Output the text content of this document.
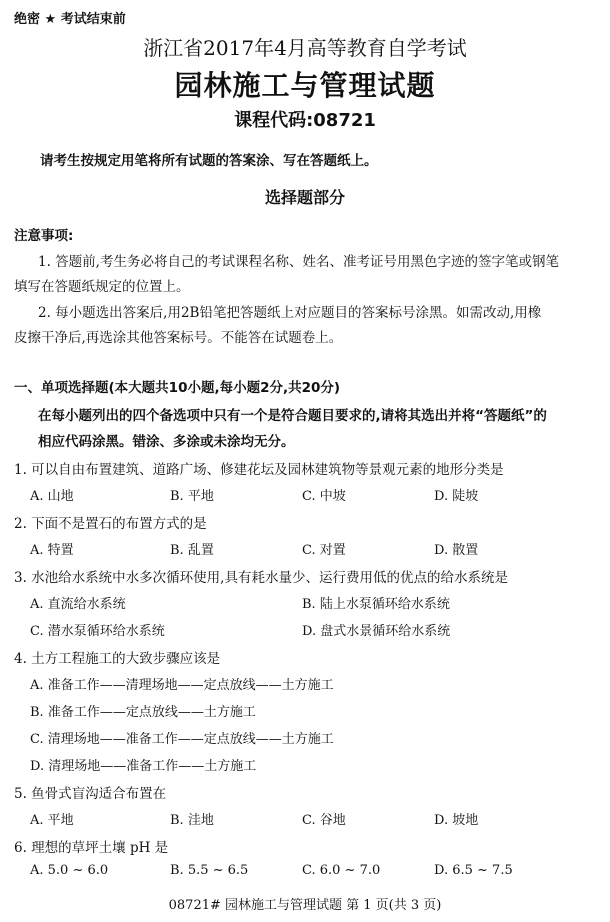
绝密 ★ 考试结束前
浙江省2017年4月高等教育自学考试
园林施工与管理试题
课程代码:08721
请考生按规定用笔将所有试题的答案涂、写在答题纸上。
选择题部分
注意事项:
1. 答题前,考生务必将自己的考试课程名称、姓名、准考证号用黑色字迹的签字笔或钢笔
填写在答题纸规定的位置上。
2. 每小题选出答案后,用2B铅笔把答题纸上对应题目的答案标号涂黑。如需改动,用橡
皮擦干净后,再选涂其他答案标号。不能答在试题卷上。
一、单项选择题(本大题共10小题,每小题2分,共20分)
在每小题列出的四个备选项中只有一个是符合题目要求的,请将其选出并将“答题纸”的
相应代码涂黑。错涂、多涂或未涂均无分。
1. 可以自由布置建筑、道路广场、修建花坛及园林建筑物等景观元素的地形分类是
A. 山地	B. 平地	C. 中坡	D. 陡坡
2. 下面不是置石的布置方式的是
A. 特置	B. 乱置	C. 对置	D. 散置
3. 水池给水系统中水多次循环使用,具有耗水量少、运行费用低的优点的给水系统是
A. 直流给水系统	B. 陆上水泵循环给水系统
C. 潜水泵循环给水系统	D. 盘式水景循环给水系统
4. 土方工程施工的大致步骤应该是
A. 准备工作——清理场地——定点放线——土方施工
B. 准备工作——定点放线——土方施工
C. 清理场地——准备工作——定点放线——土方施工
D. 清理场地——准备工作——土方施工
5. 鱼骨式盲沟适合布置在
A. 平地	B. 洼地	C. 谷地	D. 坡地
6. 理想的草坪土壤 pH 是
A. 5.0 ~ 6.0	B. 5.5 ~ 6.5	C. 6.0 ~ 7.0	D. 6.5 ~ 7.5
08721# 园林施工与管理试题 第 1 页(共 3 页)
